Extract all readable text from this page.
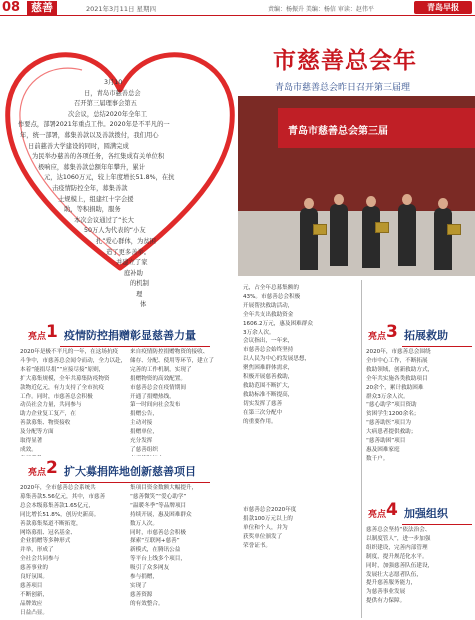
08 慈善	2021年3月11日 星期四	责编：杨振升 美编：杨信 审读：赵伟平	青岛早报
3月10
日，青岛市慈善总会
召开第三届理事会第五
次会议，总结2020年全年工
作要点，部署2021年重点工作。2020年是不平凡的一
年，统一部署，募集善款以及善款拨付，我们用心
日前慈善大学建设的同时，圆满完成
为民举办慈善的各项任务，各红集成有关单位积
极响应，募集善款总额年年攀升，累计
元，达1060万元，较上年度增长51.8%，在抗
击疫情防控全年，募集善款
土规模上，组建红十字会援
助，等积捐助，服务
本次会议通过了“长大
50万人为代表的“小友
扎”爱心群体，为贫困
造了更多善举。
并建立了家
庭补助
的机制
理
体
市慈善总会年
青岛市慈善总会昨日召开第三届理
青岛市慈善总会第三届
亮点 1 疫情防控捐赠彰显慈善力量
亮点 2 扩大募捐阵地创新慈善项目
亮点 3 拓展救助
亮点 4 加强组织
2020年是极不平凡的一年，在这场抗疫
斗争中，市慈善总会闻令而动，全力以赴，
本着“能捐尽捐”“应接尽接”原则，
扩大募集规模，全年共募集防疫物资
款物近亿元，有力支持了全市抗疫
工作。同时，市慈善总会积极
动员社会力量，共同参与
助力企业复工复产，在
善款募集、物资接收
及分配等方面
取得显著
成效。

来自疫情防控捐赠物资的接收、
储存、分配、使用等环节，建立了
完善的工作机制，实现了
捐赠物资的高效配置。
市慈善总会在疫情期间
开通了捐赠热线，
第一时间向社会发布
捐赠公告，
主动对接
捐赠单位，
充分发挥
了慈善组织

2020年，全市慈善总会系统共
募集善款5.56亿元，其中，市慈善
总会本级募集善款1.65亿元，
同比增长51.8%，创历史新高。
善款募集渠道不断拓宽，
网络募捐、冠名基金、
企业捐赠等多种形式
并举，形成了
全社会共同参与
慈善事业的
良好氛围。
慈善项目
不断创新，
品牌效应
日益凸显。

集项目资金数额大幅提升，
“慈善微笑”“爱心助学”
“温暖冬季”等品牌项目
持续开展，惠及困难群众
数万人次。
同时，市慈善总会积极
探索“互联网+慈善”
新模式，在腾讯公益
等平台上线多个项目，
吸引了众多网友
参与捐赠，
实现了
慈善资源
的有效整合。

元，占全年总募集额的
43%。市慈善总会积极
开展帮扶救助活动，
全年共支出救助资金
1606.2万元，惠及困难群众
3万余人次。
会议指出，一年来，
市慈善总会始终坚持
以人民为中心的发展思想，
聚焦困难群体需求，
积极开展慈善救助，
救助范围不断扩大，
救助标准不断提高，
切实发挥了慈善
在第三次分配中
的重要作用。

市慈善总会2020年度
捐款100万元以上的
单位和个人，并为
获奖单位颁发了
荣誉证书。

2020年，市慈善总会围绕
全市中心工作，不断拓展
救助领域，创新救助方式，
全年共实施各类救助项目
20余个，累计救助困难
群众3万余人次。
“慈心助学”项目资助
贫困学生1200余名；
“慈善助医”项目为
大病患者提供救助；
“慈善助困”项目
惠及困难家庭
数千户。

慈善总会坚持“依法治会、
以制度管人”，进一步加强
组织建设，完善内部管理
制度，提升规范化水平。
同时，加强慈善队伍建设，
发展壮大志愿者队伍，
提升慈善服务能力，
为慈善事业发展
提供有力保障。
